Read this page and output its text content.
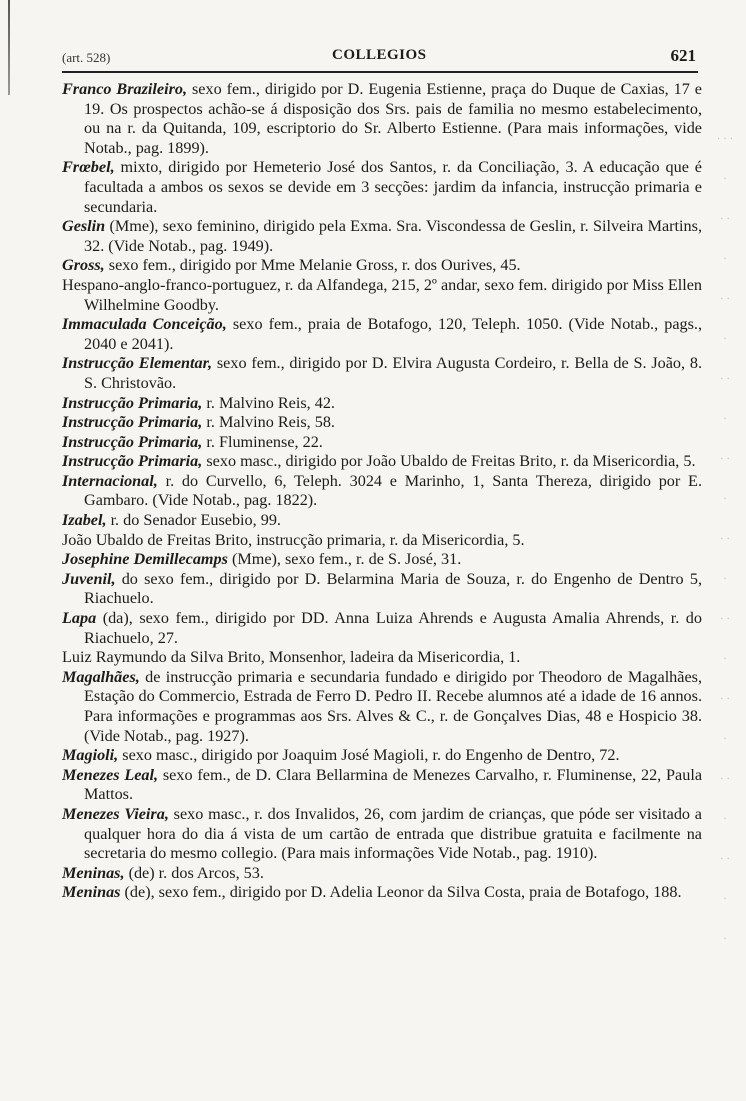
(art. 528)	COLLEGIOS	621

Franco Brazileiro, sexo fem., dirigido por D. Eugenia Estienne, praça do Duque de Caxias, 17 e 19. Os prospectos achão-se á disposição dos Srs. pais de familia no mesmo estabelecimento, ou na r. da Quitanda, 109, escriptorio do Sr. Alberto Estienne. (Para mais informações, vide Notab., pag. 1899).

Frœbel, mixto, dirigido por Hemeterio José dos Santos, r. da Conciliação, 3. A educação que é facultada a ambos os sexos se devide em 3 secções: jardim da infancia, instrucção primaria e secundaria.

Geslin (Mme), sexo feminino, dirigido pela Exma. Sra. Viscondessa de Geslin, r. Silveira Martins, 32. (Vide Notab., pag. 1949).

Gross, sexo fem., dirigido por Mme Melanie Gross, r. dos Ourives, 45.

Hespano-anglo-franco-portuguez, r. da Alfandega, 215, 2º andar, sexo fem. dirigido por Miss Ellen Wilhelmine Goodby.

Immaculada Conceição, sexo fem., praia de Botafogo, 120, Teleph. 1050. (Vide Notab., pags., 2040 e 2041).

Instrucção Elementar, sexo fem., dirigido por D. Elvira Augusta Cordeiro, r. Bella de S. João, 8. S. Christovão.

Instrucção Primaria, r. Malvino Reis, 42.

Instrucção Primaria, r. Malvino Reis, 58.

Instrucção Primaria, r. Fluminense, 22.

Instrucção Primaria, sexo masc., dirigido por João Ubaldo de Freitas Brito, r. da Misericordia, 5.

Internacional, r. do Curvello, 6, Teleph. 3024 e Marinho, 1, Santa Thereza, dirigido por E. Gambaro. (Vide Notab., pag. 1822).

Izabel, r. do Senador Eusebio, 99.

João Ubaldo de Freitas Brito, instrucção primaria, r. da Misericordia, 5.

Josephine Demillecamps (Mme), sexo fem., r. de S. José, 31.

Juvenil, do sexo fem., dirigido por D. Belarmina Maria de Souza, r. do Engenho de Dentro 5, Riachuelo.

Lapa (da), sexo fem., dirigido por DD. Anna Luiza Ahrends e Augusta Amalia Ahrends, r. do Riachuelo, 27.

Luiz Raymundo da Silva Brito, Monsenhor, ladeira da Misericordia, 1.

Magalhães, de instrucção primaria e secundaria fundado e dirigido por Theodoro de Magalhães, Estação do Commercio, Estrada de Ferro D. Pedro II. Recebe alumnos até a idade de 16 annos. Para informações e programmas aos Srs. Alves & C., r. de Gonçalves Dias, 48 e Hospicio 38. (Vide Notab., pag. 1927).

Magioli, sexo masc., dirigido por Joaquim José Magioli, r. do Engenho de Dentro, 72.

Menezes Leal, sexo fem., de D. Clara Bellarmina de Menezes Carvalho, r. Fluminense, 22, Paula Mattos.

Menezes Vieira, sexo masc., r. dos Invalidos, 26, com jardim de crianças, que póde ser visitado a qualquer hora do dia á vista de um cartão de entrada que distribue gratuita e facilmente na secretaria do mesmo collegio. (Para mais informações Vide Notab., pag. 1910).

Meninas, (de) r. dos Arcos, 53.

Meninas (de), sexo fem., dirigido por D. Adelia Leonor da Silva Costa, praia de Botafogo, 188.

· · ·
·
· ·
·
· ·
·
· ·
·
· ·
·
· ·
·
· ·
·
· ·
·
· ·
·
· ·
·
·
